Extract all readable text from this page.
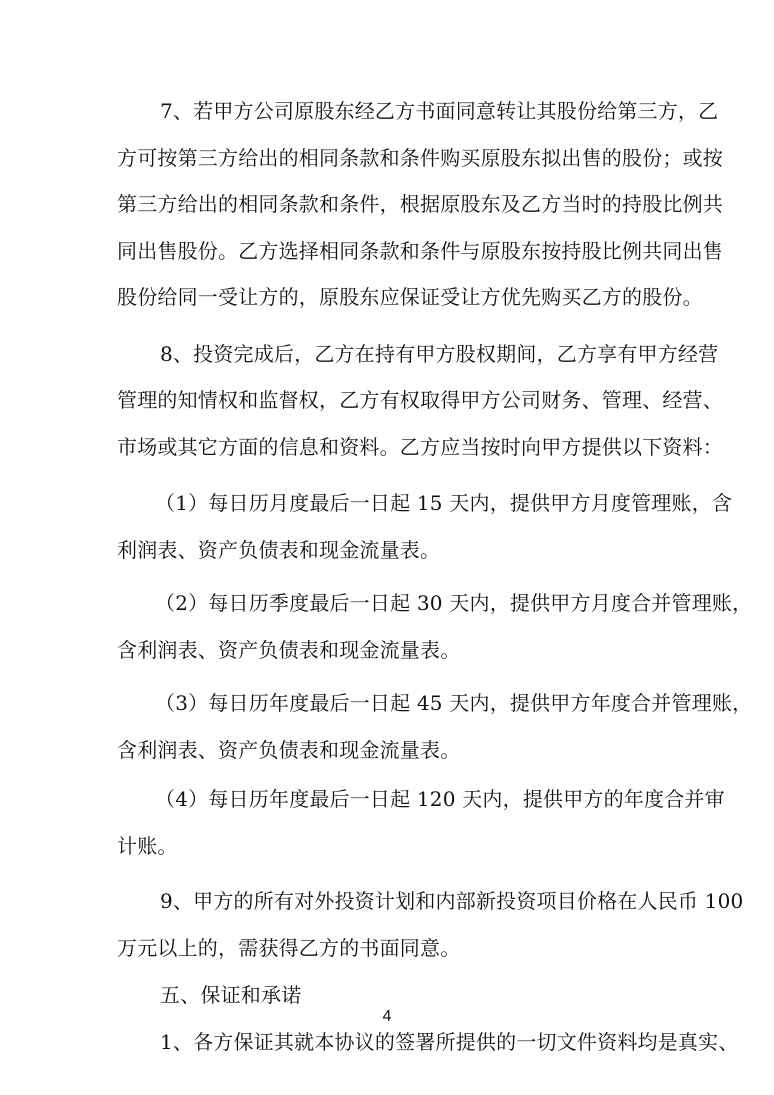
7、若甲方公司原股东经乙方书面同意转让其股份给第三方，乙
方可按第三方给出的相同条款和条件购买原股东拟出售的股份；或按
第三方给出的相同条款和条件，根据原股东及乙方当时的持股比例共
同出售股份。乙方选择相同条款和条件与原股东按持股比例共同出售
股份给同一受让方的，原股东应保证受让方优先购买乙方的股份。
8、投资完成后，乙方在持有甲方股权期间，乙方享有甲方经营
管理的知情权和监督权，乙方有权取得甲方公司财务、管理、经营、
市场或其它方面的信息和资料。乙方应当按时向甲方提供以下资料：
（1）每日历月度最后一日起 15 天内，提供甲方月度管理账，含
利润表、资产负债表和现金流量表。
（2）每日历季度最后一日起 30 天内，提供甲方月度合并管理账，
含利润表、资产负债表和现金流量表。
（3）每日历年度最后一日起 45 天内，提供甲方年度合并管理账，
含利润表、资产负债表和现金流量表。
（4）每日历年度最后一日起 120 天内，提供甲方的年度合并审
计账。
9、甲方的所有对外投资计划和内部新投资项目价格在人民币 100
万元以上的，需获得乙方的书面同意。
4
五、保证和承诺
1、各方保证其就本协议的签署所提供的一切文件资料均是真实、
